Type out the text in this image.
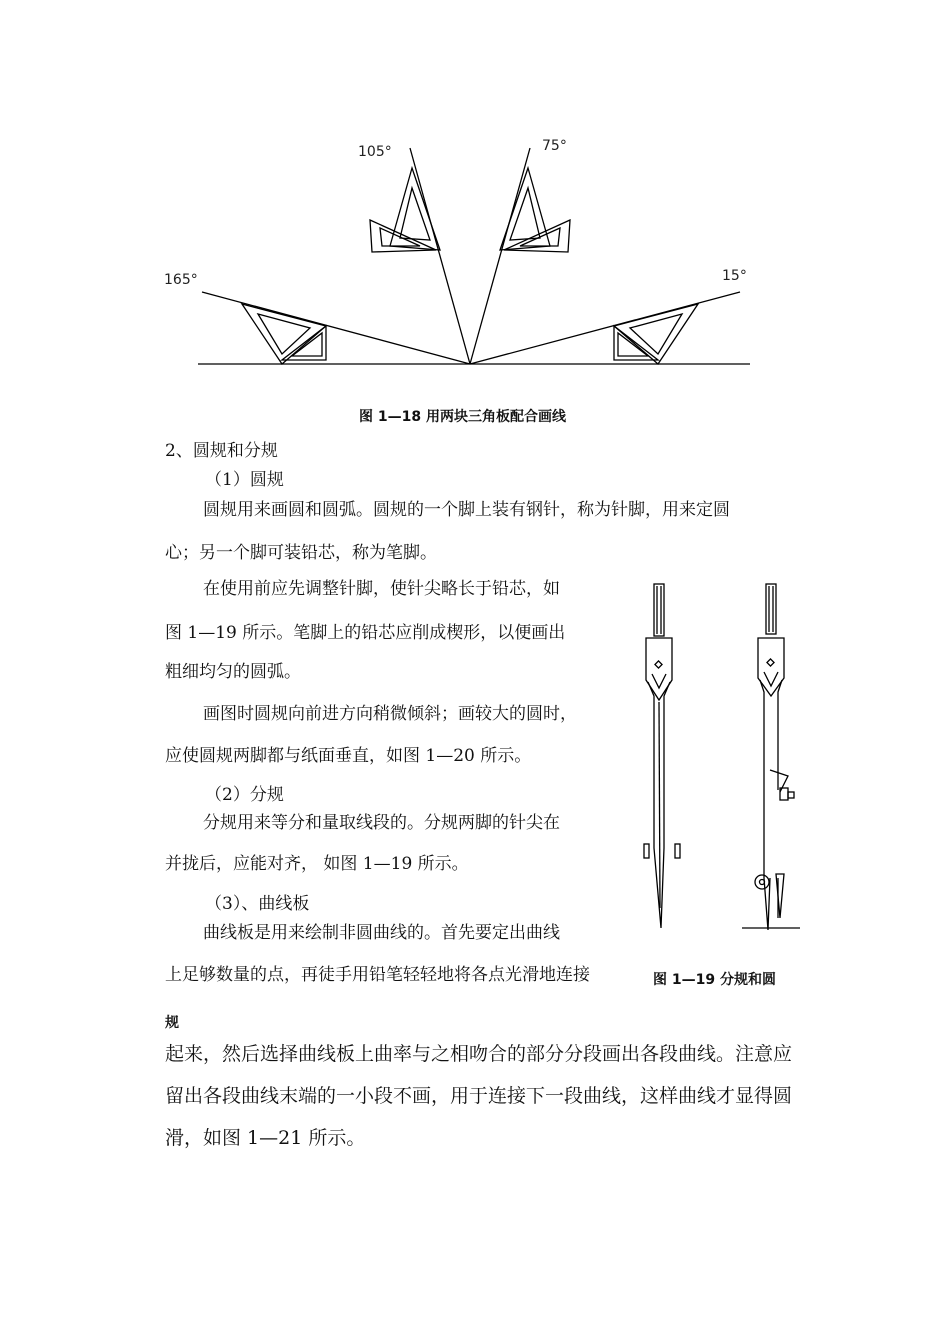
105°	75°
165°	15°
图 1—18 用两块三角板配合画线
2、圆规和分规
（1）圆规
圆规用来画圆和圆弧。圆规的一个脚上装有钢针，称为针脚，用来定圆
心；另一个脚可装铅芯，称为笔脚。
在使用前应先调整针脚，使针尖略长于铅芯，如
图 1—19 所示。笔脚上的铅芯应削成楔形，以便画出
粗细均匀的圆弧。
画图时圆规向前进方向稍微倾斜；画较大的圆时，
应使圆规两脚都与纸面垂直，如图 1—20 所示。
（2）分规
分规用来等分和量取线段的。分规两脚的针尖在
并拢后，应能对齐， 如图 1—19 所示。
（3）、曲线板
曲线板是用来绘制非圆曲线的。首先要定出曲线
上足够数量的点，再徒手用铅笔轻轻地将各点光滑地连接	图 1—19 分规和圆
规
起来，然后选择曲线板上曲率与之相吻合的部分分段画出各段曲线。注意应
留出各段曲线末端的一小段不画，用于连接下一段曲线，这样曲线才显得圆
滑，如图 1—21 所示。
